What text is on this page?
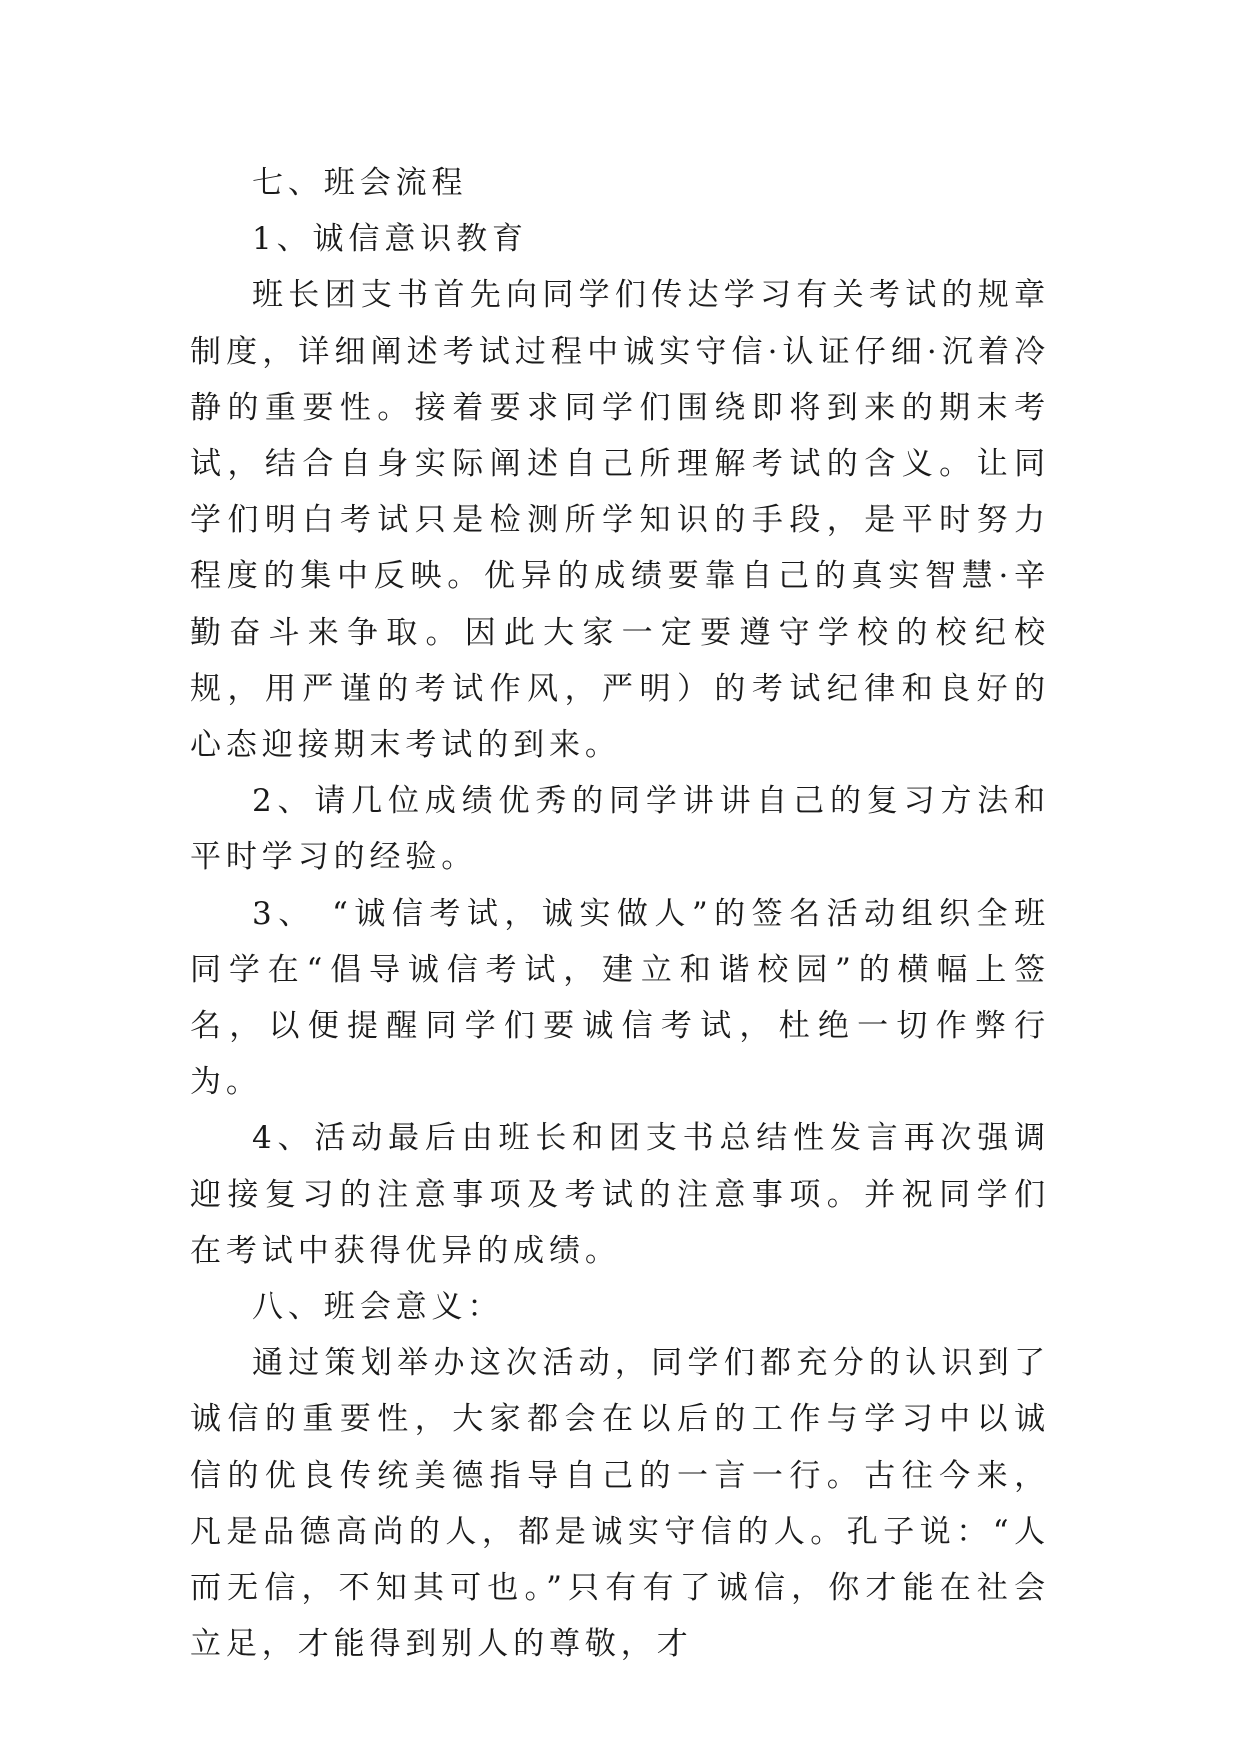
七、班会流程

1、诚信意识教育

班长团支书首先向同学们传达学习有关考试的规章制度，详细阐述考试过程中诚实守信·认证仔细·沉着冷静的重要性。接着要求同学们围绕即将到来的期末考试，结合自身实际阐述自己所理解考试的含义。让同学们明白考试只是检测所学知识的手段，是平时努力程度的集中反映。优异的成绩要靠自己的真实智慧·辛勤奋斗来争取。因此大家一定要遵守学校的校纪校规，用严谨的考试作风，严明）的考试纪律和良好的心态迎接期末考试的到来。

2、请几位成绩优秀的同学讲讲自己的复习方法和平时学习的经验。

3、 “诚信考试，诚实做人”的签名活动组织全班同学在“倡导诚信考试，建立和谐校园”的横幅上签名，以便提醒同学们要诚信考试，杜绝一切作弊行为。

4、活动最后由班长和团支书总结性发言再次强调迎接复习的注意事项及考试的注意事项。并祝同学们在考试中获得优异的成绩。

八、班会意义：

通过策划举办这次活动，同学们都充分的认识到了诚信的重要性，大家都会在以后的工作与学习中以诚信的优良传统美德指导自己的一言一行。古往今来，凡是品德高尚的人，都是诚实守信的人。孔子说：“人而无信，不知其可也。”只有有了诚信，你才能在社会立足，才能得到别人的尊敬，才
